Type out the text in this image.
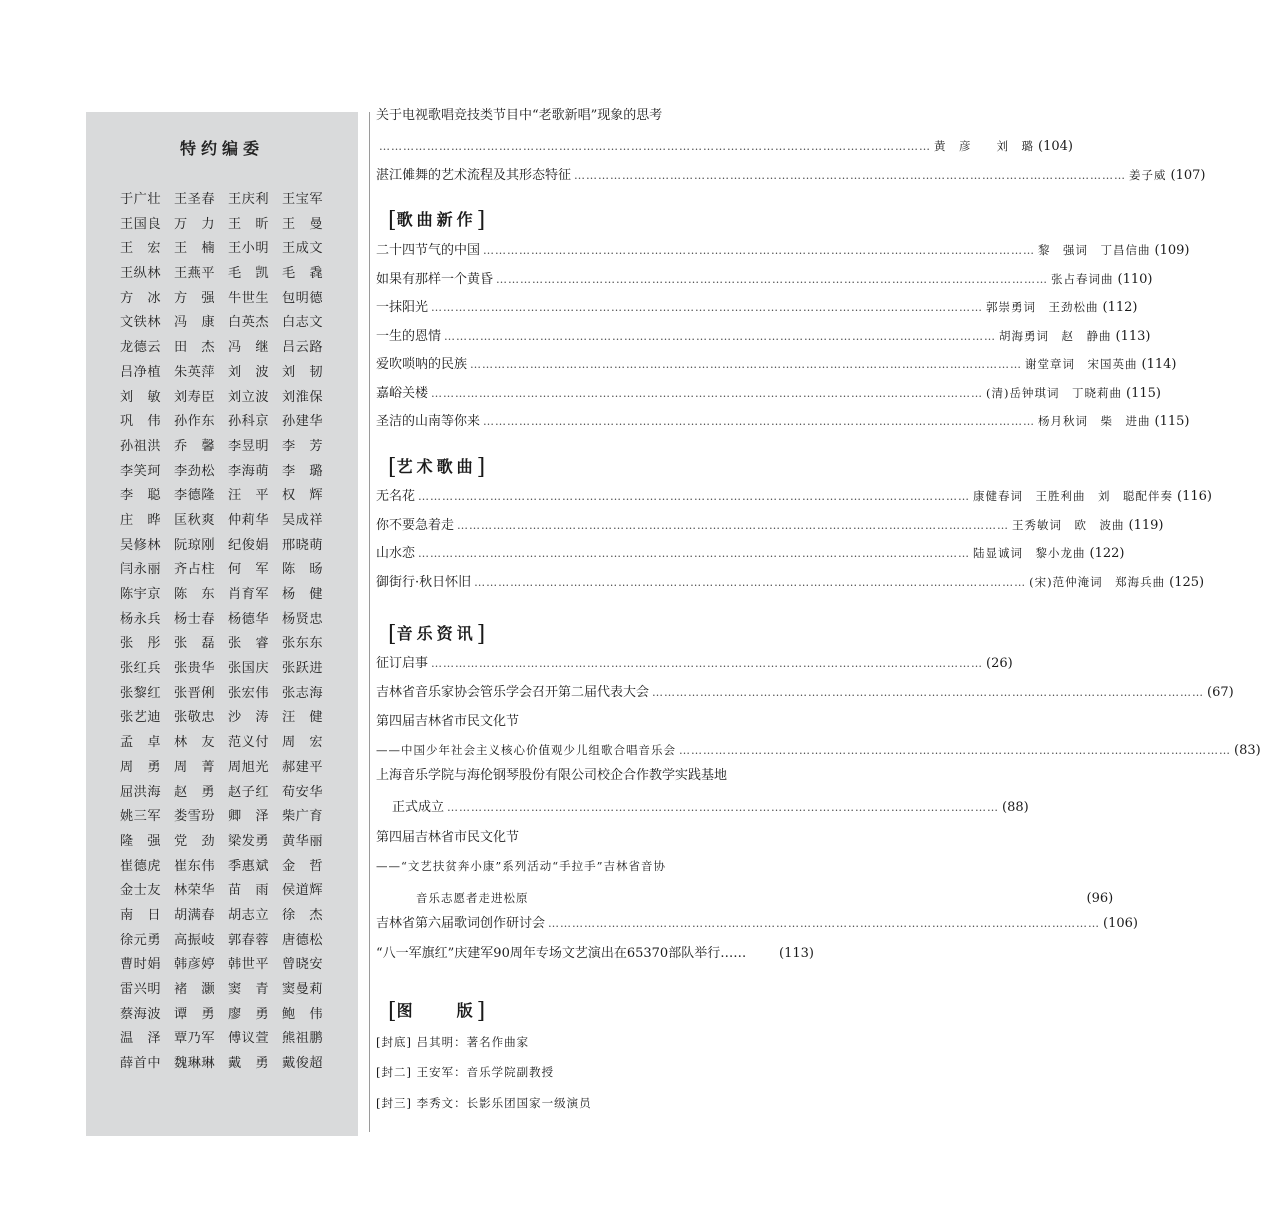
特约编委
于广壮 王圣春 王庆利 王宝军
王国良 万　力 王　昕 王　曼
王　宏 王　楠 王小明 王成文
王纵林 王燕平 毛　凯 毛　毳
方　冰 方　强 牛世生 包明德
文铁林 冯　康 白英杰 白志文
龙德云 田　杰 冯　继 吕云路
吕净植 朱英萍 刘　波 刘　韧
刘　敏 刘寿臣 刘立波 刘淮保
巩　伟 孙作东 孙科京 孙建华
孙祖洪 乔　馨 李昱明 李　芳
李笑珂 李劲松 李海萌 李　璐
李　聪 李德隆 汪　平 权　辉
庄　晔 匡秋爽 仲莉华 吴成祥
吴修林 阮琼刚 纪俊娟 邢晓萌
闫永丽 齐占柱 何　军 陈　旸
陈宇京 陈　东 肖育军 杨　健
杨永兵 杨士春 杨德华 杨贤忠
张　彤 张　磊 张　睿 张东东
张红兵 张贵华 张国庆 张跃进
张黎红 张晋俐 张宏伟 张志海
张艺迪 张敬忠 沙　涛 汪　健
孟　卓 林　友 范义付 周　宏
周　勇 周　菁 周旭光 郝建平
屈洪海 赵　勇 赵子红 荀安华
姚三军 娄雪玢 卿　泽 柴广育
隆　强 党　劲 梁发勇 黄华丽
崔德虎 崔东伟 季惠斌 金　哲
金士友 林荣华 苗　雨 侯道辉
南　日 胡满春 胡志立 徐　杰
徐元勇 高振岐 郭春蓉 唐德松
曹时娟 韩彦婷 韩世平 曾晓安
雷兴明 褚　灏 窦　青 窦曼莉
蔡海波 谭　勇 廖　勇 鲍　伟
温　泽 覃乃军 傅议萱 熊祖鹏
薛首中 魏琳琳 戴　勇 戴俊超
关于电视歌唱竞技类节目中“老歌新唱”现象的思考
………………………………………………………………………………………………………………………… 黄　彦　　刘　璐 (104)
湛江傩舞的艺术流程及其形态特征 ………………………………………………………………………………………………………………………… 姜子威 (107)
[歌曲新作]
二十四节气的中国 ………………………………………………………………………………………………………………………… 黎　强词　丁昌信曲 (109)
如果有那样一个黄昏 ………………………………………………………………………………………………………………………… 张占春词曲 (110)
一抹阳光 ………………………………………………………………………………………………………………………… 郭崇勇词　王劲松曲 (112)
一生的恩情 ………………………………………………………………………………………………………………………… 胡海勇词　赵　静曲 (113)
爱吹唢呐的民族 ………………………………………………………………………………………………………………………… 谢堂章词　宋国英曲 (114)
嘉峪关楼 ………………………………………………………………………………………………………………………… (清)岳钟琪词　丁晓莉曲 (115)
圣洁的山南等你来 ………………………………………………………………………………………………………………………… 杨月秋词　柴　进曲 (115)
[艺术歌曲]
无名花 ………………………………………………………………………………………………………………………… 康健春词　王胜利曲　刘　聪配伴奏 (116)
你不要急着走 ………………………………………………………………………………………………………………………… 王秀敏词　欧　波曲 (119)
山水恋 ………………………………………………………………………………………………………………………… 陆显诚词　黎小龙曲 (122)
御街行·秋日怀旧 ………………………………………………………………………………………………………………………… (宋)范仲淹词　郑海兵曲 (125)
[音乐资讯]
征订启事 ………………………………………………………………………………………………………………………… (26)
吉林省音乐家协会管乐学会召开第二届代表大会 ………………………………………………………………………………………………………………………… (67)
第四届吉林省市民文化节
——中国少年社会主义核心价值观少儿组歌合唱音乐会 ………………………………………………………………………………………………………………………… (83)
上海音乐学院与海伦钢琴股份有限公司校企合作教学实践基地
正式成立 ………………………………………………………………………………………………………………………… (88)
第四届吉林省市民文化节
——“文艺扶贫奔小康”系列活动“手拉手”吉林省音协
音乐志愿者走进松原	(96)
吉林省第六届歌词创作研讨会 ………………………………………………………………………………………………………………………… (106)
“八一军旗红”庆建军90周年专场文艺演出在65370部队举行……	(113)
[图　　版]
[封底] 吕其明：著名作曲家
[封二] 王安军：音乐学院副教授
[封三] 李秀文：长影乐团国家一级演员
